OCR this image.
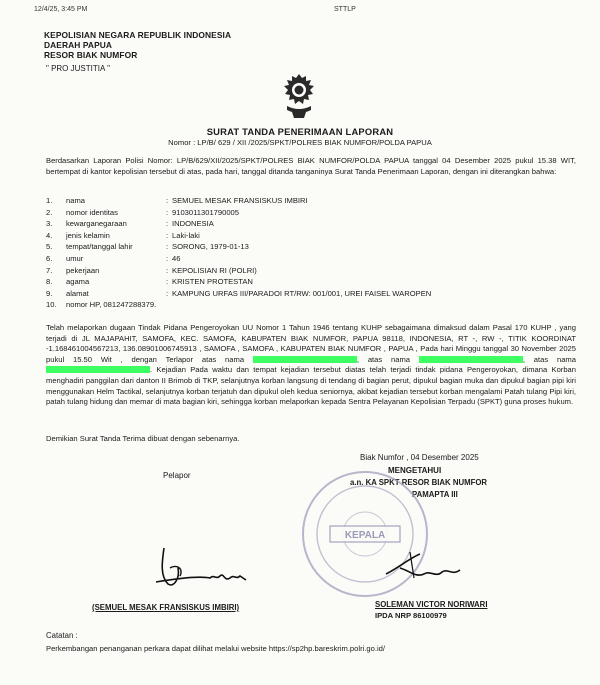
12/4/25, 3:45 PM	STTLP
KEPOLISIAN NEGARA REPUBLIK INDONESIA
DAERAH PAPUA
RESOR BIAK NUMFOR
" PRO JUSTITIA "
SURAT TANDA PENERIMAAN LAPORAN
Nomor : LP/B/ 629 / XII /2025/SPKT/POLRES BIAK NUMFOR/POLDA PAPUA
Berdasarkan Laporan Polisi Nomor: LP/B/629/XII/2025/SPKT/POLRES BIAK NUMFOR/POLDA PAPUA tanggal 04 Desember 2025 pukul 15.38 WIT, bertempat di kantor kepolisian tersebut di atas, pada hari, tanggal ditanda tanganinya Surat Tanda Penerimaan Laporan, dengan ini diterangkan bahwa:
1. nama	: SEMUEL MESAK FRANSISKUS IMBIRI
2. nomor identitas	: 9103011301790005
3. kewarganegaraan	: INDONESIA
4. jenis kelamin	: Laki-laki
5. tempat/tanggal lahir	: SORONG, 1979-01-13
6. umur	: 46
7. pekerjaan	: KEPOLISIAN RI (POLRI)
8. agama	: KRISTEN PROTESTAN
9. alamat	: KAMPUNG URFAS III/PARADOI RT/RW: 001/001, UREI FAISEL WAROPEN
10. nomor HP, 081247288379.
Telah melaporkan dugaan Tindak Pidana Pengeroyokan UU Nomor 1 Tahun 1946 tentang KUHP sebagaimana dimaksud dalam Pasal 170 KUHP , yang terjadi di JL MAJAPAHIT, SAMOFA, KEC. SAMOFA, KABUPATEN BIAK NUMFOR, PAPUA 98118, INDONESIA, RT -, RW -, TITIK KOORDINAT -1.168461004567213, 136.08901006745913 , SAMOFA , SAMOFA , KABUPATEN BIAK NUMFOR , PAPUA , Pada hari Minggu tanggal 30 November 2025 pukul 15.50 Wit , dengan Terlapor atas nama	, atas nama	, atas nama . Kejadian Pada waktu dan tempat kejadian tersebut diatas telah terjadi tindak pidana Pengeroyokan, dimana Korban menghadiri panggilan dari danton II Brimob di TKP, selanjutnya korban langsung di tendang di bagian perut, dipukul bagian muka dan dipukul bagian pipi kiri menggunakan Helm Tactikal, selanjutnya korban terjatuh dan dipukul oleh kedua seniornya, akibat kejadian tersebut korban mengalami Patah tulang Pipi kiri, patah tulang hidung dan memar di mata bagian kiri, sehingga korban melaporkan kepada Sentra Pelayanan Kepolisian Terpadu (SPKT) guna proses hukum.
Demikian Surat Tanda Terima dibuat dengan sebenarnya.
Biak Numfor , 04 Desember 2025
MENGETAHUI
a.n. KA SPKT RESOR BIAK NUMFOR
PAMAPTA III
Pelapor
KEPALA
(SEMUEL MESAK FRANSISKUS IMBIRI)	SOLEMAN VICTOR NORIWARI
IPDA NRP 86100979
Catatan :
Perkembangan penanganan perkara dapat dilihat melalui website https://sp2hp.bareskrim.polri.go.id/
